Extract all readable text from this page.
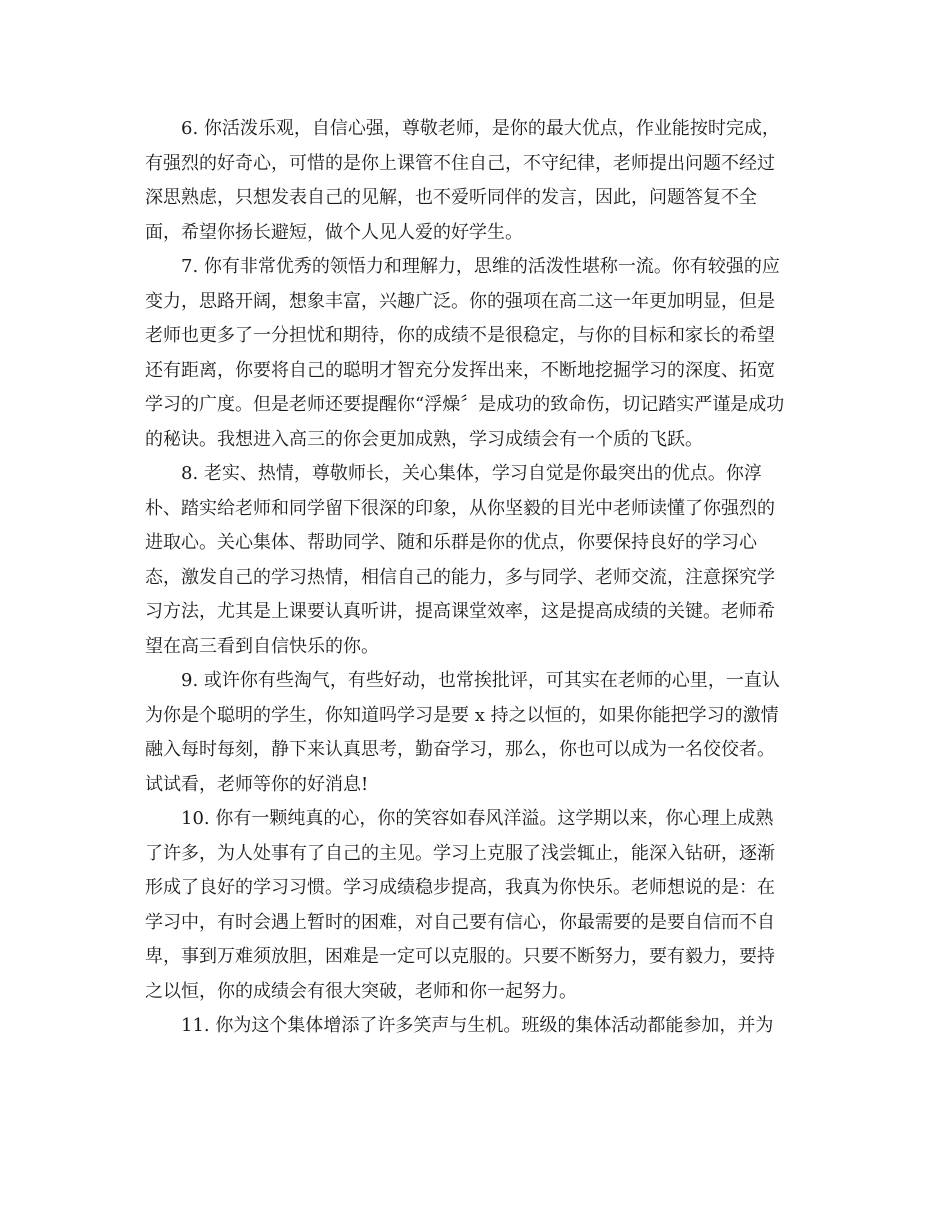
6. 你活泼乐观，自信心强，尊敬老师，是你的最大优点，作业能按时完成，
有强烈的好奇心，可惜的是你上课管不住自己，不守纪律，老师提出问题不经过
深思熟虑，只想发表自己的见解，也不爱听同伴的发言，因此，问题答复不全
面，希望你扬长避短，做个人见人爱的好学生。

7. 你有非常优秀的领悟力和理解力，思维的活泼性堪称一流。你有较强的应
变力，思路开阔，想象丰富，兴趣广泛。你的强项在高二这一年更加明显，但是
老师也更多了一分担忧和期待，你的成绩不是很稳定，与你的目标和家长的希望
还有距离，你要将自己的聪明才智充分发挥出来，不断地挖掘学习的深度、拓宽
学习的广度。但是老师还要提醒你“浮燥〞是成功的致命伤，切记踏实严谨是成功
的秘诀。我想进入高三的你会更加成熟，学习成绩会有一个质的飞跃。

8. 老实、热情，尊敬师长，关心集体，学习自觉是你最突出的优点。你淳
朴、踏实给老师和同学留下很深的印象，从你坚毅的目光中老师读懂了你强烈的
进取心。关心集体、帮助同学、随和乐群是你的优点，你要保持良好的学习心
态，激发自己的学习热情，相信自己的能力，多与同学、老师交流，注意探究学
习方法，尤其是上课要认真听讲，提高课堂效率，这是提高成绩的关键。老师希
望在高三看到自信快乐的你。

9. 或许你有些淘气，有些好动，也常挨批评，可其实在老师的心里，一直认
为你是个聪明的学生，你知道吗学习是要 x 持之以恒的，如果你能把学习的激情
融入每时每刻，静下来认真思考，勤奋学习，那么，你也可以成为一名佼佼者。
试试看，老师等你的好消息!

10. 你有一颗纯真的心，你的笑容如春风洋溢。这学期以来，你心理上成熟
了许多，为人处事有了自己的主见。学习上克服了浅尝辄止，能深入钻研，逐渐
形成了良好的学习习惯。学习成绩稳步提高，我真为你快乐。老师想说的是：在
学习中，有时会遇上暂时的困难，对自己要有信心，你最需要的是要自信而不自
卑，事到万难须放胆，困难是一定可以克服的。只要不断努力，要有毅力，要持
之以恒，你的成绩会有很大突破，老师和你一起努力。

11. 你为这个集体增添了许多笑声与生机。班级的集体活动都能参加，并为
